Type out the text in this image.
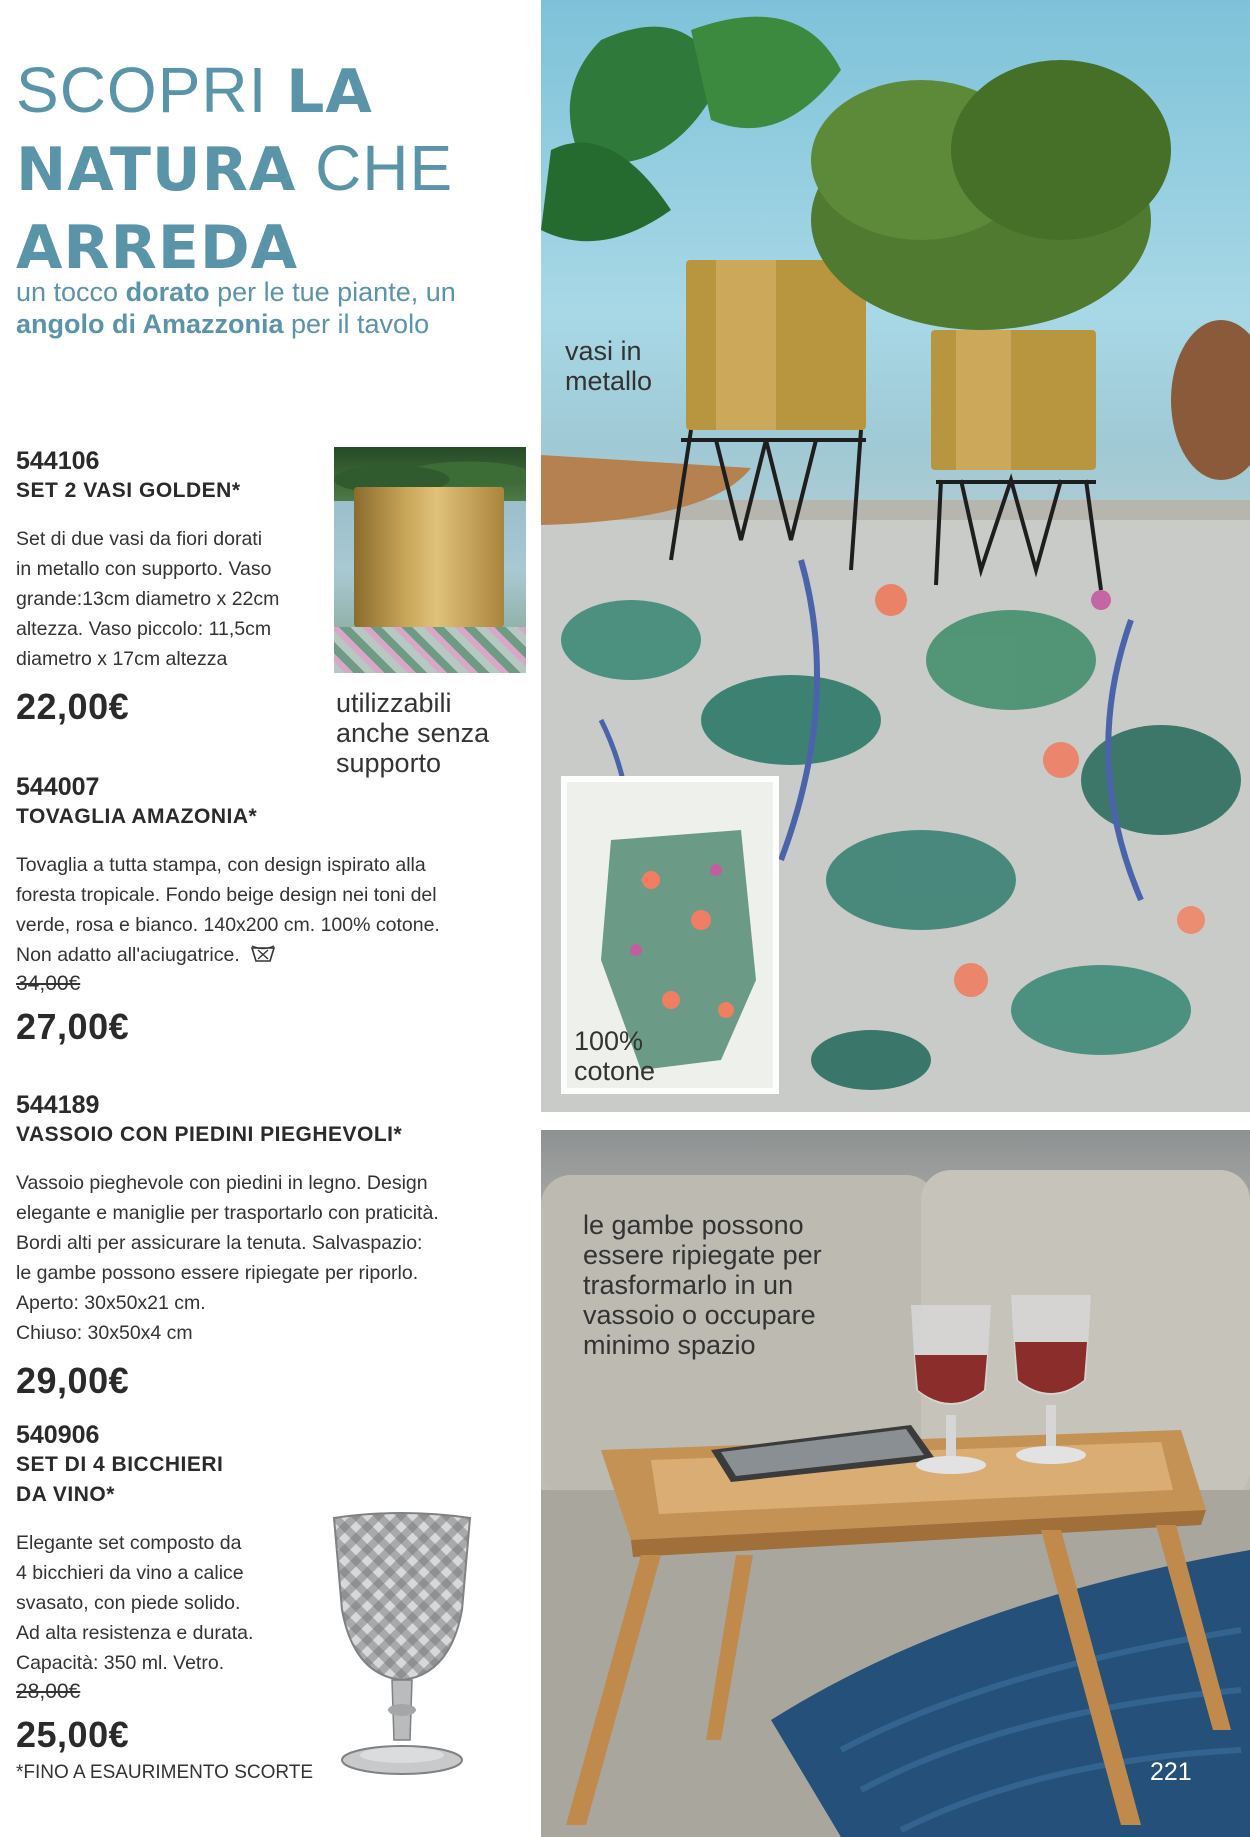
SCOPRI LA
NATURA CHE
ARREDA
un tocco dorato per le tue piante, un
angolo di Amazzonia per il tavolo
544106
SET 2 VASI GOLDEN*
Set di due vasi da fiori dorati
in metallo con supporto. Vaso
grande:13cm diametro x 22cm
altezza. Vaso piccolo: 11,5cm
diametro x 17cm altezza
22,00€	utilizzabili
anche senza
supporto
544007
TOVAGLIA AMAZONIA*
Tovaglia a tutta stampa, con design ispirato alla
foresta tropicale. Fondo beige design nei toni del
verde, rosa e bianco. 140x200 cm. 100% cotone.
Non adatto all'aciugatrice.
34,00€
27,00€
544189
VASSOIO CON PIEDINI PIEGHEVOLI*
Vassoio pieghevole con piedini in legno. Design
elegante e maniglie per trasportarlo con praticità.
Bordi alti per assicurare la tenuta. Salvaspazio:
le gambe possono essere ripiegate per riporlo.
Aperto: 30x50x21 cm.
Chiuso: 30x50x4 cm
29,00€
540906
SET DI 4 BICCHIERI
DA VINO*
Elegante set composto da
4 bicchieri da vino a calice
svasato, con piede solido.
Ad alta resistenza e durata.
Capacità: 350 ml. Vetro.
28,00€
25,00€
*FINO A ESAURIMENTO SCORTE
vasi in
metallo
100%
cotone
le gambe possono
essere ripiegate per
trasformarlo in un
vassoio o occupare
minimo spazio
221
